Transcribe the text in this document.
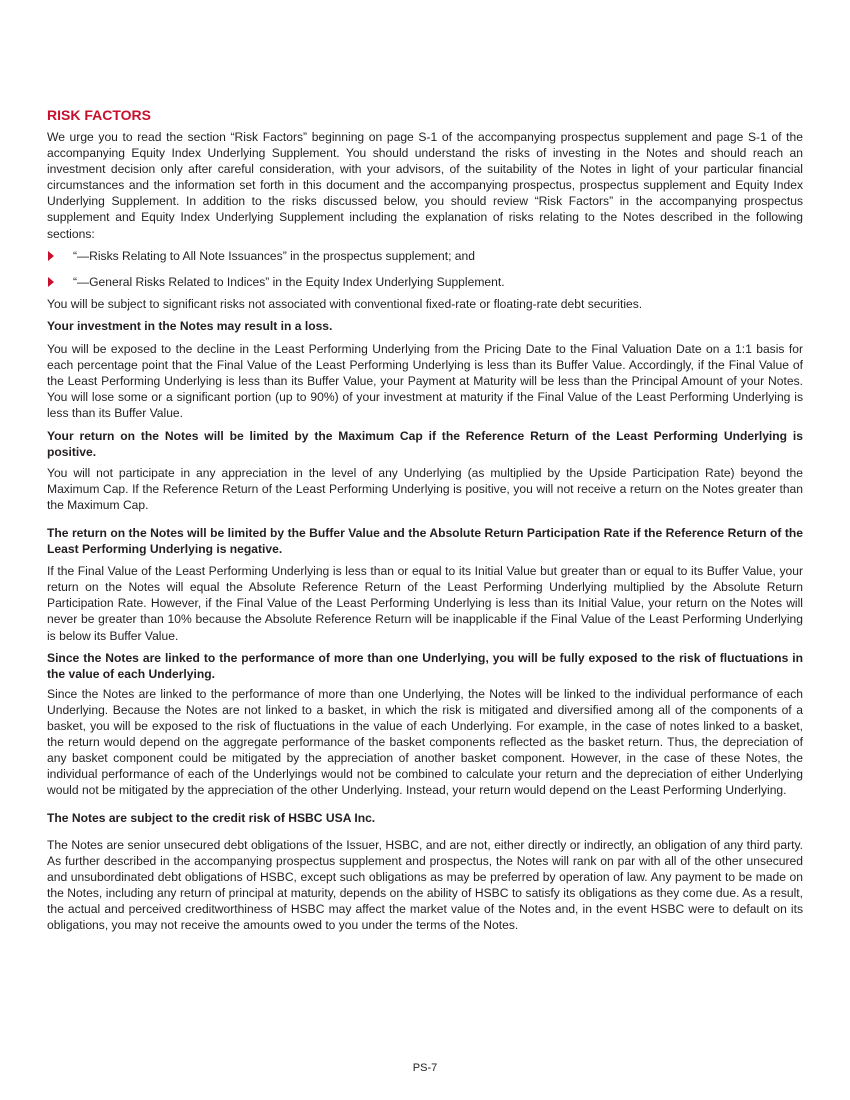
RISK FACTORS

We urge you to read the section “Risk Factors” beginning on page S-1 of the accompanying prospectus supplement and page S-1 of the accompanying Equity Index Underlying Supplement. You should understand the risks of investing in the Notes and should reach an investment decision only after careful consideration, with your advisors, of the suitability of the Notes in light of your particular financial circumstances and the information set forth in this document and the accompanying prospectus, prospectus supplement and Equity Index Underlying Supplement. In addition to the risks discussed below, you should review “Risk Factors” in the accompanying prospectus supplement and Equity Index Underlying Supplement including the explanation of risks relating to the Notes described in the following sections:

“—Risks Relating to All Note Issuances” in the prospectus supplement; and
“—General Risks Related to Indices” in the Equity Index Underlying Supplement.

You will be subject to significant risks not associated with conventional fixed-rate or floating-rate debt securities.

Your investment in the Notes may result in a loss.

You will be exposed to the decline in the Least Performing Underlying from the Pricing Date to the Final Valuation Date on a 1:1 basis for each percentage point that the Final Value of the Least Performing Underlying is less than its Buffer Value. Accordingly, if the Final Value of the Least Performing Underlying is less than its Buffer Value, your Payment at Maturity will be less than the Principal Amount of your Notes. You will lose some or a significant portion (up to 90%) of your investment at maturity if the Final Value of the Least Performing Underlying is less than its Buffer Value.

Your return on the Notes will be limited by the Maximum Cap if the Reference Return of the Least Performing Underlying is positive.

You will not participate in any appreciation in the level of any Underlying (as multiplied by the Upside Participation Rate) beyond the Maximum Cap. If the Reference Return of the Least Performing Underlying is positive, you will not receive a return on the Notes greater than the Maximum Cap.

The return on the Notes will be limited by the Buffer Value and the Absolute Return Participation Rate if the Reference Return of the Least Performing Underlying is negative.

If the Final Value of the Least Performing Underlying is less than or equal to its Initial Value but greater than or equal to its Buffer Value, your return on the Notes will equal the Absolute Reference Return of the Least Performing Underlying multiplied by the Absolute Return Participation Rate. However, if the Final Value of the Least Performing Underlying is less than its Initial Value, your return on the Notes will never be greater than 10% because the Absolute Reference Return will be inapplicable if the Final Value of the Least Performing Underlying is below its Buffer Value.

Since the Notes are linked to the performance of more than one Underlying, you will be fully exposed to the risk of fluctuations in the value of each Underlying.

Since the Notes are linked to the performance of more than one Underlying, the Notes will be linked to the individual performance of each Underlying. Because the Notes are not linked to a basket, in which the risk is mitigated and diversified among all of the components of a basket, you will be exposed to the risk of fluctuations in the value of each Underlying. For example, in the case of notes linked to a basket, the return would depend on the aggregate performance of the basket components reflected as the basket return. Thus, the depreciation of any basket component could be mitigated by the appreciation of another basket component. However, in the case of these Notes, the individual performance of each of the Underlyings would not be combined to calculate your return and the depreciation of either Underlying would not be mitigated by the appreciation of the other Underlying. Instead, your return would depend on the Least Performing Underlying.

The Notes are subject to the credit risk of HSBC USA Inc.

The Notes are senior unsecured debt obligations of the Issuer, HSBC, and are not, either directly or indirectly, an obligation of any third party. As further described in the accompanying prospectus supplement and prospectus, the Notes will rank on par with all of the other unsecured and unsubordinated debt obligations of HSBC, except such obligations as may be preferred by operation of law. Any payment to be made on the Notes, including any return of principal at maturity, depends on the ability of HSBC to satisfy its obligations as they come due. As a result, the actual and perceived creditworthiness of HSBC may affect the market value of the Notes and, in the event HSBC were to default on its obligations, you may not receive the amounts owed to you under the terms of the Notes.

PS-7
